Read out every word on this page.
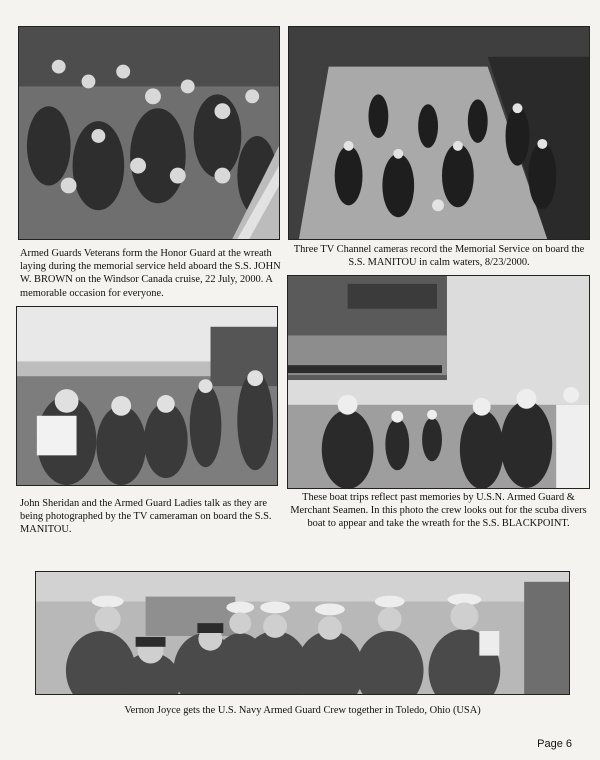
Armed Guards Veterans form the Honor Guard at the wreath laying during the memorial service held aboard the S.S. JOHN W. BROWN on the Windsor Canada cruise, 22 July, 2000. A memorable occasion for everyone.

Three TV Channel cameras record the Memorial Service on board the S.S. MANITOU in calm waters, 8/23/2000.

John Sheridan and the Armed Guard Ladies talk as they are being photographed by the TV cameraman on board the S.S. MANITOU.

These boat trips reflect past memories by U.S.N. Armed Guard & Merchant Seamen. In this photo the crew looks out for the scuba divers boat to appear and take the wreath for the S.S. BLACKPOINT.

Vernon Joyce gets the U.S. Navy Armed Guard Crew together in Toledo, Ohio (USA)

Page 6
